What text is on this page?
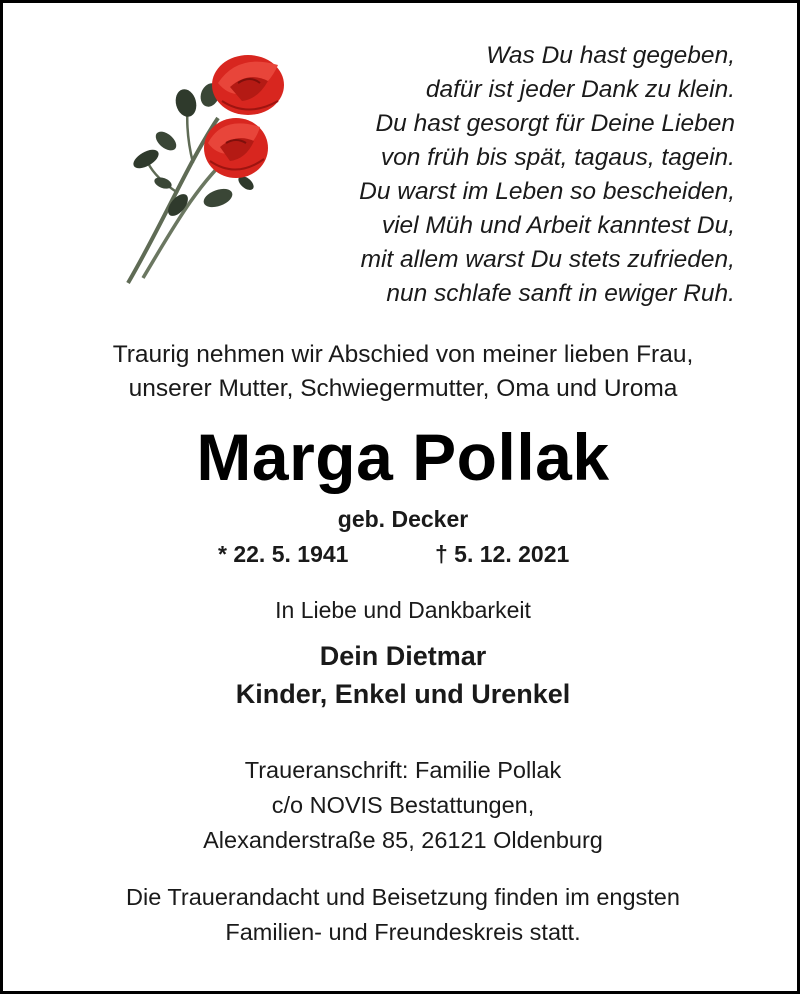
Was Du hast gegeben,
dafür ist jeder Dank zu klein.
Du hast gesorgt für Deine Lieben
von früh bis spät, tagaus, tagein.
Du warst im Leben so bescheiden,
viel Müh und Arbeit kanntest Du,
mit allem warst Du stets zufrieden,
nun schlafe sanft in ewiger Ruh.
Traurig nehmen wir Abschied von meiner lieben Frau,
unserer Mutter, Schwiegermutter, Oma und Uroma
Marga Pollak
geb. Decker
* 22. 5. 1941	† 5. 12. 2021
In Liebe und Dankbarkeit
Dein Dietmar
Kinder, Enkel und Urenkel
Traueranschrift: Familie Pollak
c/o NOVIS Bestattungen,
Alexanderstraße 85, 26121 Oldenburg
Die Trauerandacht und Beisetzung finden im engsten
Familien- und Freundeskreis statt.
